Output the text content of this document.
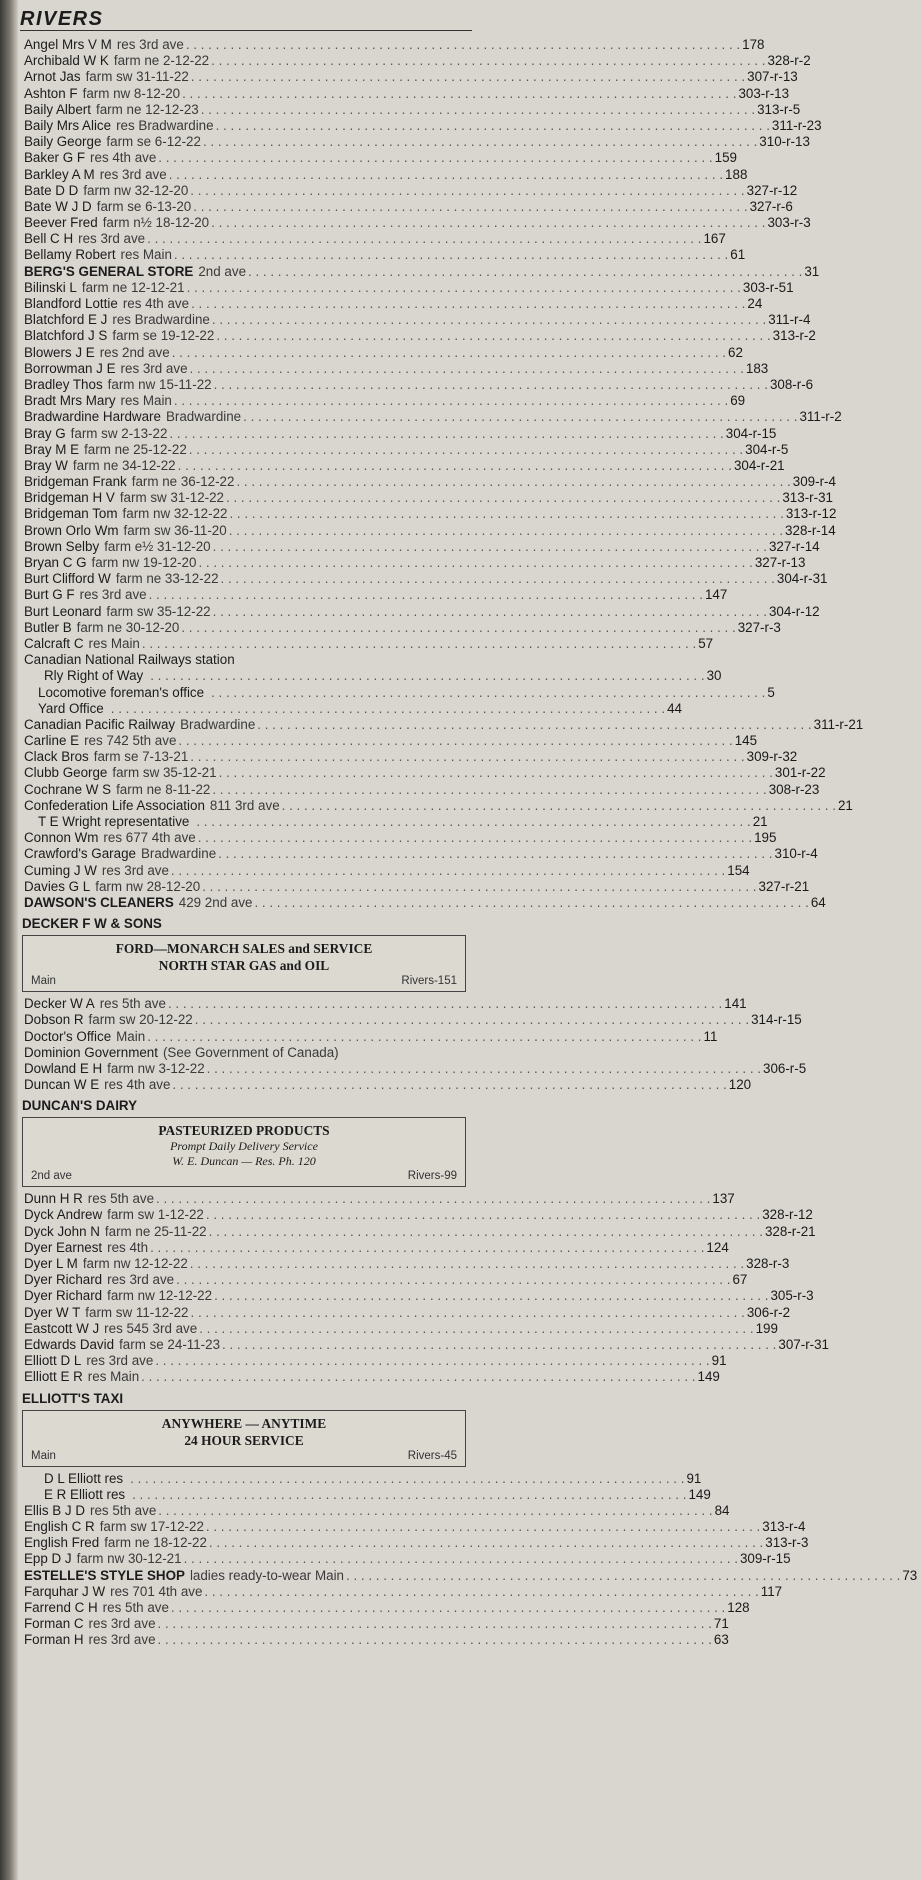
RIVERS
Angel Mrs V M res 3rd ave . . .	178
Archibald W K farm ne 2-12-22 . . .	328-r-2
Arnot Jas farm sw 31-11-22 . . .	307-r-13
Ashton F farm nw 8-12-20 . . .	303-r-13
Baily Albert farm ne 12-12-23 . . .	313-r-5
Baily Mrs Alice res Bradwardine . . .	311-r-23
Baily George farm se 6-12-22 . . .	310-r-13
Baker G F res 4th ave . . .	159
Barkley A M res 3rd ave . . .	188
Bate D D farm nw 32-12-20 . . .	327-r-12
Bate W J D farm se 6-13-20 . . .	327-r-6
Beever Fred farm n½ 18-12-20 . . .	303-r-3
Bell C H res 3rd ave . . .	167
Bellamy Robert res Main . . .	61
BERG'S GENERAL STORE 2nd ave . . .	31
Bilinski L farm ne 12-12-21 . . .	303-r-51
Blandford Lottie res 4th ave . . .	24
Blatchford E J res Bradwardine . . .	311-r-4
Blatchford J S farm se 19-12-22 . . .	313-r-2
Blowers J E res 2nd ave . . .	62
Borrowman J E res 3rd ave . . .	183
Bradley Thos farm nw 15-11-22 . . .	308-r-6
Bradt Mrs Mary res Main . . .	69
Bradwardine Hardware Bradwardine . . .	311-r-2
Bray G farm sw 2-13-22 . . .	304-r-15
Bray M E farm ne 25-12-22 . . .	304-r-5
Bray W farm ne 34-12-22 . . .	304-r-21
Bridgeman Frank farm ne 36-12-22 . . .	309-r-4
Bridgeman H V farm sw 31-12-22 . . .	313-r-31
Bridgeman Tom farm nw 32-12-22 . . .	313-r-12
Brown Orlo Wm farm sw 36-11-20 . . .	328-r-14
Brown Selby farm e½ 31-12-20 . . .	327-r-14
Bryan C G farm nw 19-12-20 . . .	327-r-13
Burt Clifford W farm ne 33-12-22 . . .	304-r-31
Burt G F res 3rd ave . . .	147
Burt Leonard farm sw 35-12-22 . . .	304-r-12
Butler B farm ne 30-12-20 . . .	327-r-3
Calcraft C res Main . . .	57
Canadian National Railways station
Rly Right of Way . . .	30
Locomotive foreman's office . . .	5
Yard Office . . .	44
Canadian Pacific Railway Bradwardine . . .	311-r-21
Carline E res 742 5th ave . . .	145
Clack Bros farm se 7-13-21 . . .	309-r-32
Clubb George farm sw 35-12-21 . . .	301-r-22
Cochrane W S farm ne 8-11-22 . . .	308-r-23
Confederation Life Association 811 3rd ave . . .	21
T E Wright representative . . .	21
Connon Wm res 677 4th ave . . .	195
Crawford's Garage Bradwardine . . .	310-r-4
Cuming J W res 3rd ave . . .	154
Davies G L farm nw 28-12-20 . . .	327-r-21
DAWSON'S CLEANERS 429 2nd ave . . .	64
DECKER F W & SONS
FORD—MONARCH SALES and SERVICE
NORTH STAR GAS and OIL
Main	Rivers-151
Decker W A res 5th ave . . .	141
Dobson R farm sw 20-12-22 . . .	314-r-15
Doctor's Office Main . . .	11
Dominion Government (See Government of Canada)
Dowland E H farm nw 3-12-22 . . .	306-r-5
Duncan W E res 4th ave . . .	120
DUNCAN'S DAIRY
PASTEURIZED PRODUCTS
Prompt Daily Delivery Service
W. E. Duncan — Res. Ph. 120
2nd ave	Rivers-99
Dunn H R res 5th ave . . .	137
Dyck Andrew farm sw 1-12-22 . . .	328-r-12
Dyck John N farm ne 25-11-22 . . .	328-r-21
Dyer Earnest res 4th . . .	124
Dyer L M farm nw 12-12-22 . . .	328-r-3
Dyer Richard res 3rd ave . . .	67
Dyer Richard farm nw 12-12-22 . . .	305-r-3
Dyer W T farm sw 11-12-22 . . .	306-r-2
Eastcott W J res 545 3rd ave . . .	199
Edwards David farm se 24-11-23 . . .	307-r-31
Elliott D L res 3rd ave . . .	91
Elliott E R res Main . . .	149
ELLIOTT'S TAXI
ANYWHERE — ANYTIME
24 HOUR SERVICE
Main	Rivers-45
D L Elliott res . . .	91
E R Elliott res . . .	149
Ellis B J D res 5th ave . . .	84
English C R farm sw 17-12-22 . . .	313-r-4
English Fred farm ne 18-12-22 . . .	313-r-3
Epp D J farm nw 30-12-21 . . .	309-r-15
ESTELLE'S STYLE SHOP ladies ready-to-wear Main . . .	73
Farquhar J W res 701 4th ave . . .	117
Farrend C H res 5th ave . . .	128
Forman C res 3rd ave . . .	71
Forman H res 3rd ave . . .	63
